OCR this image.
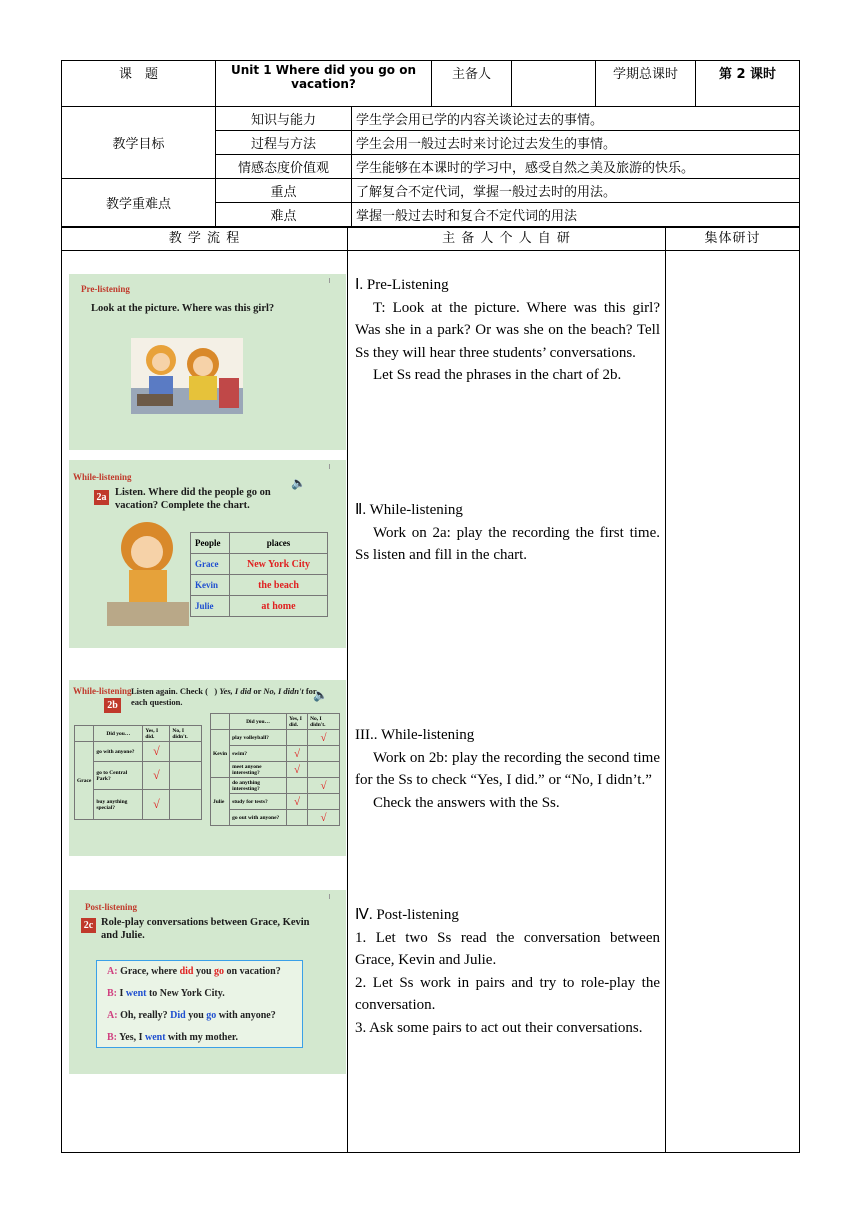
课　题	Unit 1 Where did you go on vacation?		主备人		学期总课时	第 2 课时
教学目标	知识与能力	学生学会用已学的内容关谈论过去的事情。				
	过程与方法	学生会用一般过去时来讨论过去发生的事情。				
	情感态度价值观	学生能够在本课时的学习中，感受自然之美及旅游的快乐。				
教学重难点	重点	了解复合不定代词，掌握一般过去时的用法。				
	难点	掌握一般过去时和复合不定代词的用法				
教 学 流 程	主 备 人 个 人 自 研	集体研讨
Pre-listening
Look at the picture. Where was this girl?
While-listening
2a Listen. Where did the people go on vacation? Complete the chart.
🔈
People	places
Grace	New York City
Kevin	the beach
Julie	at home
While-listening
2b
Listen again. Check ( ) Yes, I did or No, I didn't for each question.	🔈
	Did you…	Yes, I did.	No, I didn't.
Grace	go with anyone?	√	
	go to Central Park?	√	
	buy anything special?	√	
	Did you…	Yes, I did.	No, I didn't.
Kevin	play volleyball?		√
	swim?	√	
	meet anyone interesting?	√	
Julie	do anything interesting?		√
	study for tests?	√	
	go out with anyone?		√
Post-listening
2c Role-play conversations between Grace, Kevin and Julie.
A: Grace, where did you go on vacation?
B: I went to New York City.
A: Oh, really? Did you go with anyone?
B: Yes, I went with my mother.

Ⅰ. Pre-Listening

T: Look at the picture. Where was this girl? Was she in a park? Or was she on the beach? Tell Ss they will hear three students’ conversations.

Let Ss read the phrases in the chart of 2b.

Ⅱ. While-listening

Work on 2a: play the recording the first time. Ss listen and fill in the chart.

III.. While-listening

Work on 2b: play the recording the second time for the Ss to check “Yes, I did.” or “No, I didn’t.”

Check the answers with the Ss.

Ⅳ. Post-listening

1. Let two Ss read the conversation between Grace, Kevin and Julie.

2. Let Ss work in pairs and try to role-play the conversation.

3. Ask some pairs to act out their conversations.
